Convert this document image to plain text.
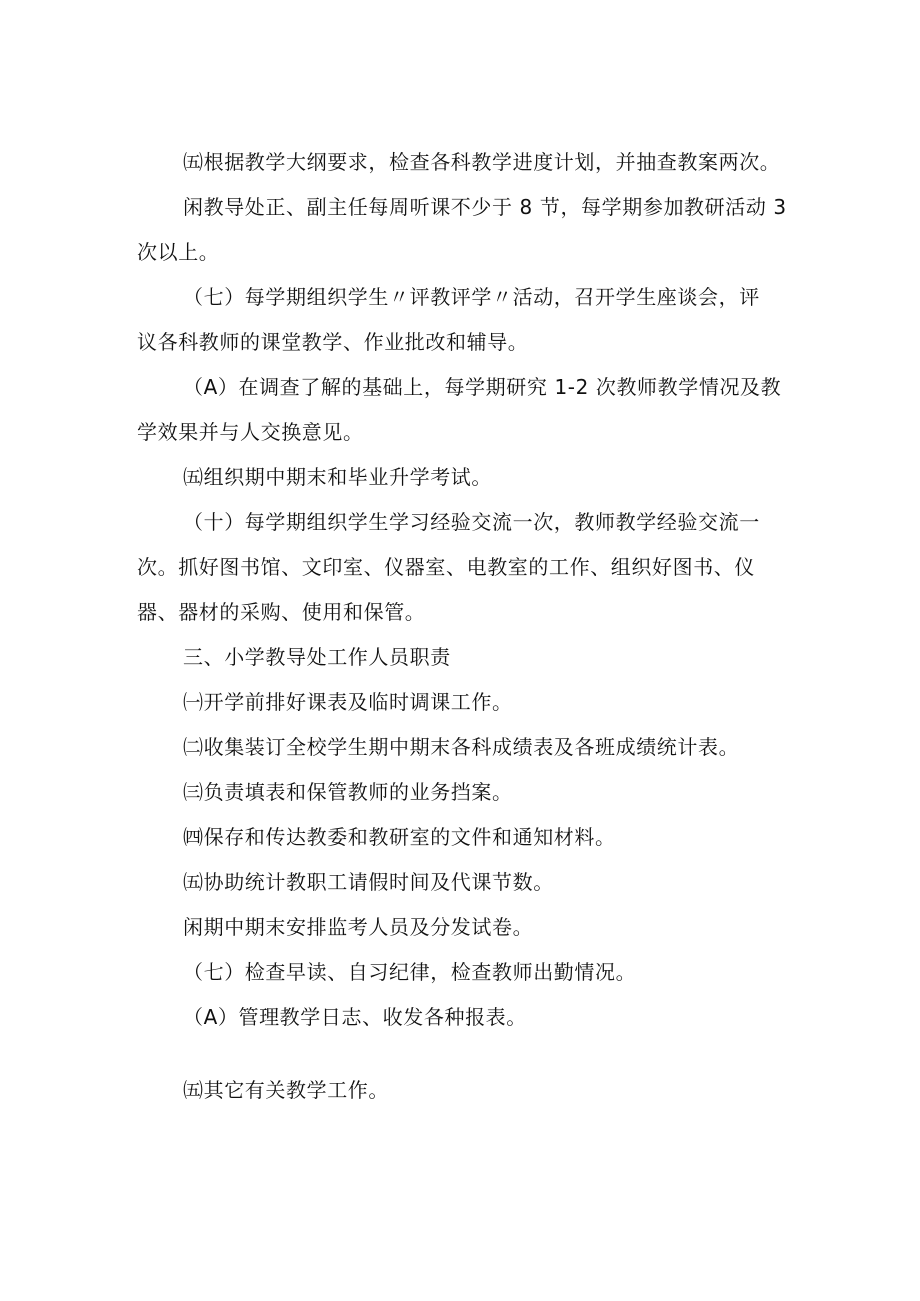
㈤根据教学大纲要求，检查各科教学进度计划，并抽查教案两次。
闲教导处正、副主任每周听课不少于 8 节，每学期参加教研活动 3
次以上。
（七）每学期组织学生〃评教评学〃活动，召开学生座谈会，评
议各科教师的课堂教学、作业批改和辅导。
（A）在调查了解的基础上，每学期研究 1-2 次教师教学情况及教
学效果并与人交换意见。
㈤组织期中期末和毕业升学考试。
（十）每学期组织学生学习经验交流一次，教师教学经验交流一
次。抓好图书馆、文印室、仪器室、电教室的工作、组织好图书、仪
器、器材的采购、使用和保管。
三、小学教导处工作人员职责
㈠开学前排好课表及临时调课工作。
㈡收集装订全校学生期中期末各科成绩表及各班成绩统计表。
㈢负责填表和保管教师的业务挡案。
㈣保存和传达教委和教研室的文件和通知材料。
㈤协助统计教职工请假时间及代课节数。
闲期中期末安排监考人员及分发试卷。
（七）检查早读、自习纪律，检查教师出勤情况。
（A）管理教学日志、收发各种报表。
㈤其它有关教学工作。
